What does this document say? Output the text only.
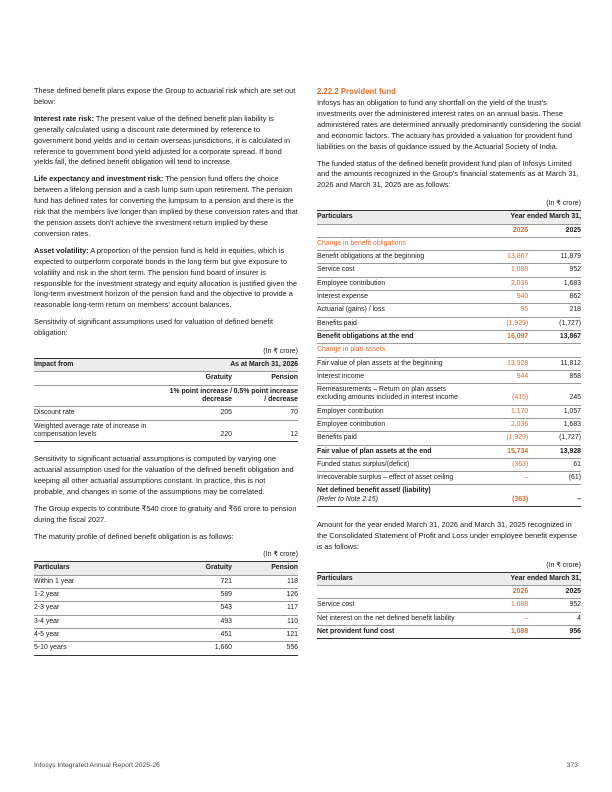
These defined benefit plans expose the Group to actuarial risk which are set out below:

Interest rate risk: The present value of the defined benefit plan liability is generally calculated using a discount rate determined by reference to government bond yields and in certain overseas jurisdictions, it is calculated in reference to government bond yield adjusted for a corporate spread. If bond yields fall, the defined benefit obligation will tend to increase.

Life expectancy and investment risk: The pension fund offers the choice between a lifelong pension and a cash lump sum upon retirement. The pension fund has defined rates for converting the lumpsum to a pension and there is the risk that the members live longer than implied by these conversion rates and that the pension assets don't achieve the investment return implied by these conversion rates.

Asset volatility: A proportion of the pension fund is held in equities, which is expected to outperform corporate bonds in the long term but give exposure to volatility and risk in the short term. The pension fund board of insurer is responsible for the investment strategy and equity allocation is justified given the long-term investment horizon of the pension fund and the objective to provide a reasonable long-term return on members' account balances.

Sensitivity of significant assumptions used for valuation of defined benefit obligation:

(In ₹ crore)
Impact from	As at March 31, 2026	
	Gratuity	Pension
	1% point increase / decrease	0.5% point increase / decrease
Discount rate	205	70
Weighted average rate of increase in compensation levels	220	12

Sensitivity to significant actuarial assumptions is computed by varying one actuarial assumption used for the valuation of the defined benefit obligation and keeping all other actuarial assumptions constant. In practice, this is not probable, and changes in some of the assumptions may be correlated.

The Group expects to contribute ₹540 crore to gratuity and ₹66 crore to pension during the fiscal 2027.

The maturity profile of defined benefit obligation is as follows:

(In ₹ crore)
Particulars	Gratuity	Pension
Within 1 year	721	118
1-2 year	589	126
2-3 year	543	117
3-4 year	493	110
4-5 year	451	121
5-10 years	1,660	556
2.22.2 Provident fund

Infosys has an obligation to fund any shortfall on the yield of the trust's investments over the administered interest rates on an annual basis. These administered rates are determined annually predominantly considering the social and economic factors. The actuary has provided a valuation for provident fund liabilities on the basis of guidance issued by the Actuarial Society of India.

The funded status of the defined benefit provident fund plan of Infosys Limited and the amounts recognized in the Group's financial statements as at March 31, 2026 and March 31, 2025 are as follows:

(In ₹ crore)
Particulars	Year ended March 31,	
	2026	2025
Change in benefit obligations		
Benefit obligations at the beginning	13,867	11,879
Service cost	1,088	952
Employee contribution	2,036	1,683
Interest expense	940	862
Actuarial (gains) / loss	95	218
Benefits paid	(1,929)	(1,727)
Benefit obligations at the end	16,097	13,867
Change in plan assets		
Fair value of plan assets at the beginning	13,928	11,812
Interest income	944	858
Remeasurements – Return on plan assets excluding amounts included in interest income	(415)	245
Employer contribution	1,170	1,057
Employee contribution	2,036	1,683
Benefits paid	(1,929)	(1,727)
Fair value of plan assets at the end	15,734	13,928
Funded status surplus/(deficit)	(363)	61
Irrecoverable surplus – effect of asset ceiling	–	(61)
Net defined benefit asset/ (liability)
(Refer to Note 2.15)	(363)	–

Amount for the year ended March 31, 2026 and March 31, 2025 recognized in the Consolidated Statement of Profit and Loss under employee benefit expense is as follows:

(In ₹ crore)
Particulars	Year ended March 31,	
	2026	2025
Service cost	1,088	952
Net interest on the net defined benefit liability	–	4
Net provident fund cost	1,088	956
Infosys Integrated Annual Report 2025-26	373
